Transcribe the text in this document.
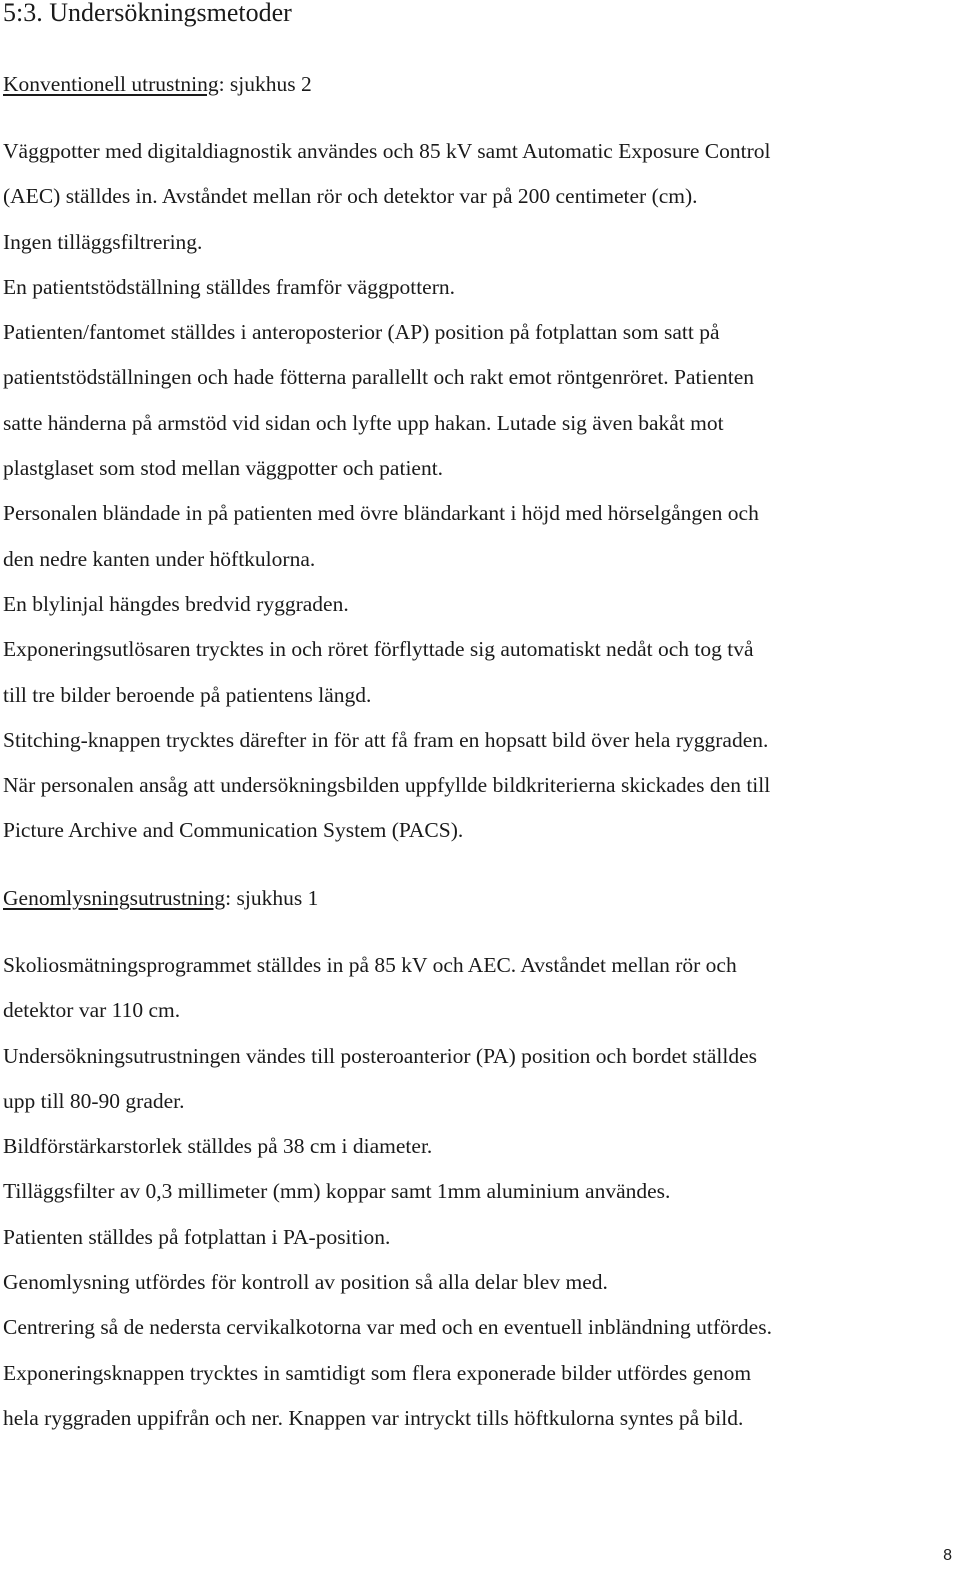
5:3. Undersökningsmetoder
Konventionell utrustning: sjukhus 2

Väggpotter med digitaldiagnostik användes och 85 kV samt Automatic Exposure Control

(AEC) ställdes in. Avståndet mellan rör och detektor var på 200 centimeter (cm).

Ingen tilläggsfiltrering.

En patientstödställning ställdes framför väggpottern.

Patienten/fantomet ställdes i anteroposterior (AP) position på fotplattan som satt på

patientstödställningen och hade fötterna parallellt och rakt emot röntgenröret. Patienten

satte händerna på armstöd vid sidan och lyfte upp hakan. Lutade sig även bakåt mot

plastglaset som stod mellan väggpotter och patient.

Personalen bländade in på patienten med övre bländarkant i höjd med hörselgången och

den nedre kanten under höftkulorna.

En blylinjal hängdes bredvid ryggraden.

Exponeringsutlösaren trycktes in och röret förflyttade sig automatiskt nedåt och tog två

till tre bilder beroende på patientens längd.

Stitching-knappen trycktes därefter in för att få fram en hopsatt bild över hela ryggraden.

När personalen ansåg att undersökningsbilden uppfyllde bildkriterierna skickades den till

Picture Archive and Communication System (PACS).

Genomlysningsutrustning: sjukhus 1

Skoliosmätningsprogrammet ställdes in på 85 kV och AEC. Avståndet mellan rör och

detektor var 110 cm.

Undersökningsutrustningen vändes till posteroanterior (PA) position och bordet ställdes

upp till 80-90 grader.

Bildförstärkarstorlek ställdes på 38 cm i diameter.

Tilläggsfilter av 0,3 millimeter (mm) koppar samt 1mm aluminium användes.

Patienten ställdes på fotplattan i PA-position.

Genomlysning utfördes för kontroll av position så alla delar blev med.

Centrering så de nedersta cervikalkotorna var med och en eventuell inbländning utfördes.

Exponeringsknappen trycktes in samtidigt som flera exponerade bilder utfördes genom

hela ryggraden uppifrån och ner. Knappen var intryckt tills höftkulorna syntes på bild.

8
